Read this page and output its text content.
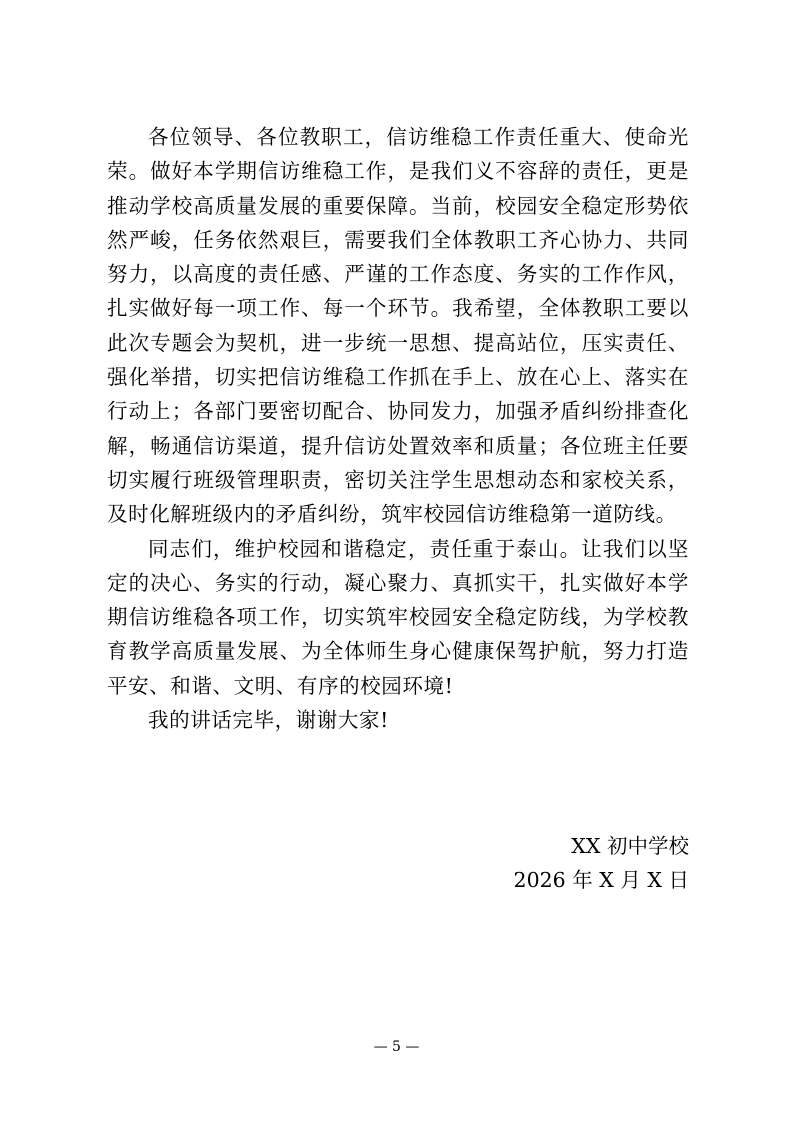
各位领导、各位教职工，信访维稳工作责任重大、使命光荣。做好本学期信访维稳工作，是我们义不容辞的责任，更是推动学校高质量发展的重要保障。当前，校园安全稳定形势依然严峻，任务依然艰巨，需要我们全体教职工齐心协力、共同努力，以高度的责任感、严谨的工作态度、务实的工作作风，扎实做好每一项工作、每一个环节。我希望，全体教职工要以此次专题会为契机，进一步统一思想、提高站位，压实责任、强化举措，切实把信访维稳工作抓在手上、放在心上、落实在行动上；各部门要密切配合、协同发力，加强矛盾纠纷排查化解，畅通信访渠道，提升信访处置效率和质量；各位班主任要切实履行班级管理职责，密切关注学生思想动态和家校关系，及时化解班级内的矛盾纠纷，筑牢校园信访维稳第一道防线。

同志们，维护校园和谐稳定，责任重于泰山。让我们以坚定的决心、务实的行动，凝心聚力、真抓实干，扎实做好本学期信访维稳各项工作，切实筑牢校园安全稳定防线，为学校教育教学高质量发展、为全体师生身心健康保驾护航，努力打造平安、和谐、文明、有序的校园环境!

我的讲话完毕，谢谢大家!

XX 初中学校
2026 年 X 月 X 日
— 5 —
